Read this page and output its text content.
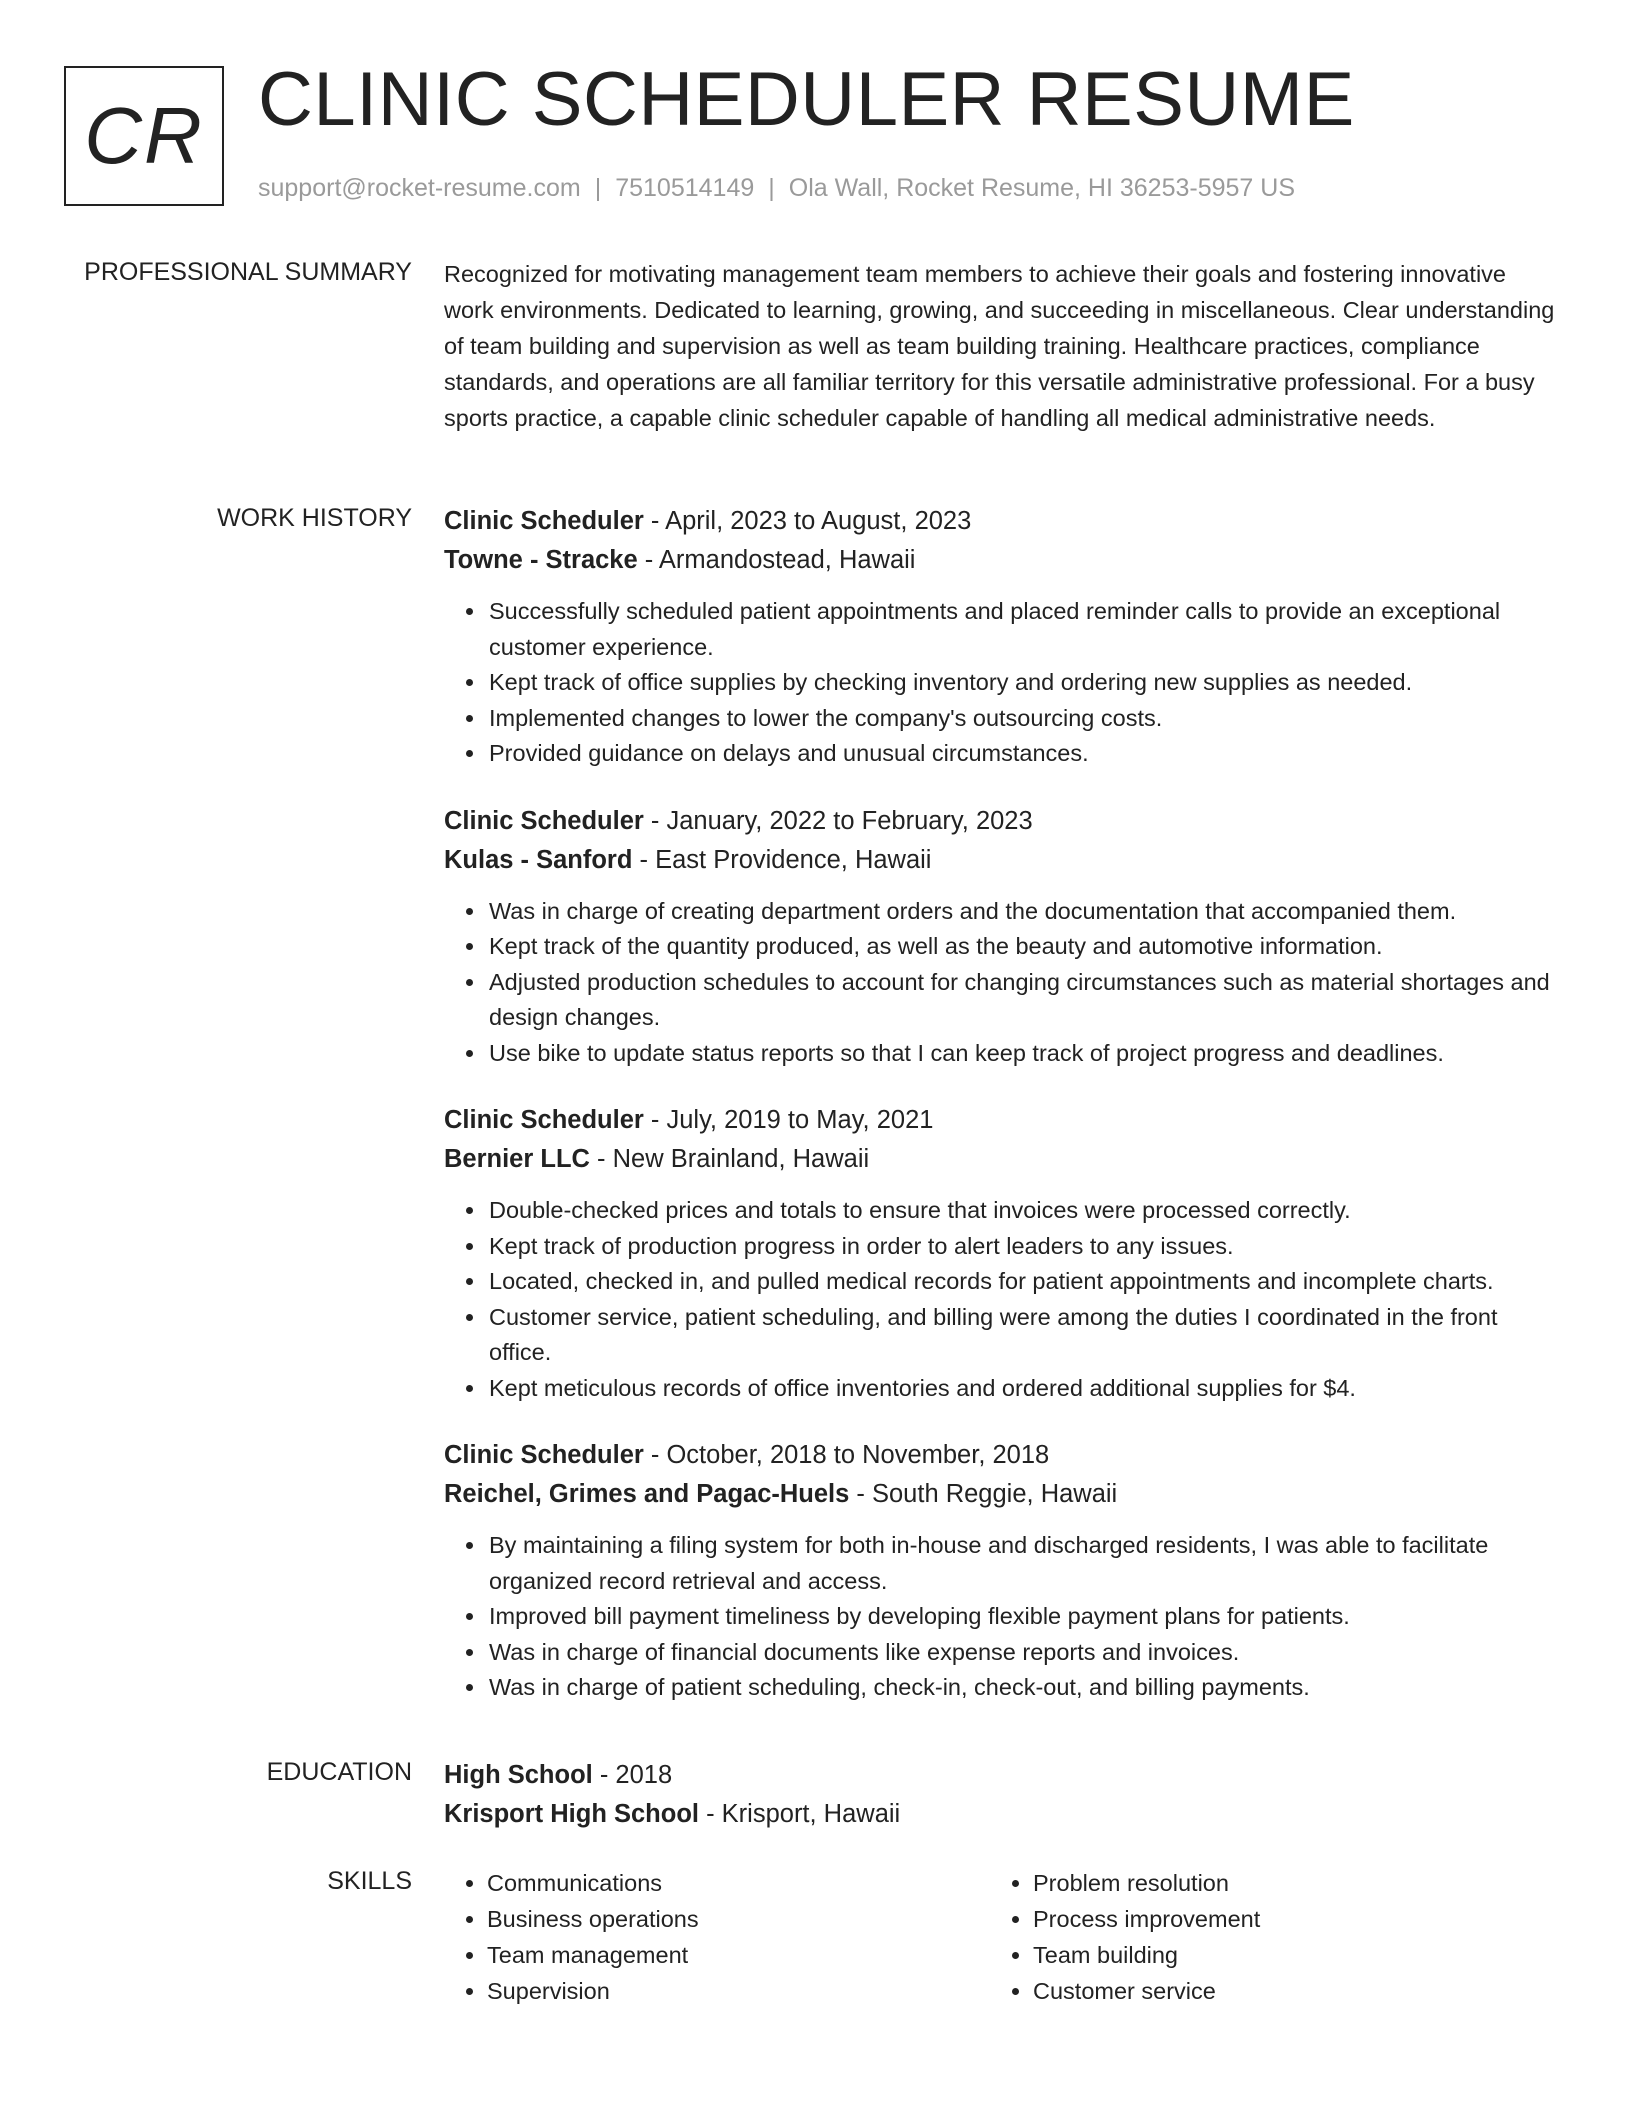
CR CLINIC SCHEDULER RESUME
support@rocket-resume.com | 7510514149 | Ola Wall, Rocket Resume, HI 36253-5957 US
PROFESSIONAL SUMMARY Recognized for motivating management team members to achieve their goals and fostering innovative work environments. Dedicated to learning, growing, and succeeding in miscellaneous. Clear understanding of team building and supervision as well as team building training. Healthcare practices, compliance standards, and operations are all familiar territory for this versatile administrative professional. For a busy sports practice, a capable clinic scheduler capable of handling all medical administrative needs.

WORK HISTORY Clinic Scheduler - April, 2023 to August, 2023
Towne - Stracke - Armandostead, Hawaii
• Successfully scheduled patient appointments and placed reminder calls to provide an exceptional customer experience.
• Kept track of office supplies by checking inventory and ordering new supplies as needed.
• Implemented changes to lower the company's outsourcing costs.
• Provided guidance on delays and unusual circumstances.
Clinic Scheduler - January, 2022 to February, 2023
Kulas - Sanford - East Providence, Hawaii
• Was in charge of creating department orders and the documentation that accompanied them.
• Kept track of the quantity produced, as well as the beauty and automotive information.
• Adjusted production schedules to account for changing circumstances such as material shortages and design changes.
• Use bike to update status reports so that I can keep track of project progress and deadlines.
Clinic Scheduler - July, 2019 to May, 2021
Bernier LLC - New Brainland, Hawaii
• Double-checked prices and totals to ensure that invoices were processed correctly.
• Kept track of production progress in order to alert leaders to any issues.
• Located, checked in, and pulled medical records for patient appointments and incomplete charts.
• Customer service, patient scheduling, and billing were among the duties I coordinated in the front office.
• Kept meticulous records of office inventories and ordered additional supplies for $4.
Clinic Scheduler - October, 2018 to November, 2018
Reichel, Grimes and Pagac-Huels - South Reggie, Hawaii
• By maintaining a filing system for both in-house and discharged residents, I was able to facilitate organized record retrieval and access.
• Improved bill payment timeliness by developing flexible payment plans for patients.
• Was in charge of financial documents like expense reports and invoices.
• Was in charge of patient scheduling, check-in, check-out, and billing payments.
EDUCATION High School - 2018
Krisport High School - Krisport, Hawaii
SKILLS
•	Communications
• Business operations
• Team management
• Supervision
• Problem resolution
• Process improvement
• Team building
• Customer service
